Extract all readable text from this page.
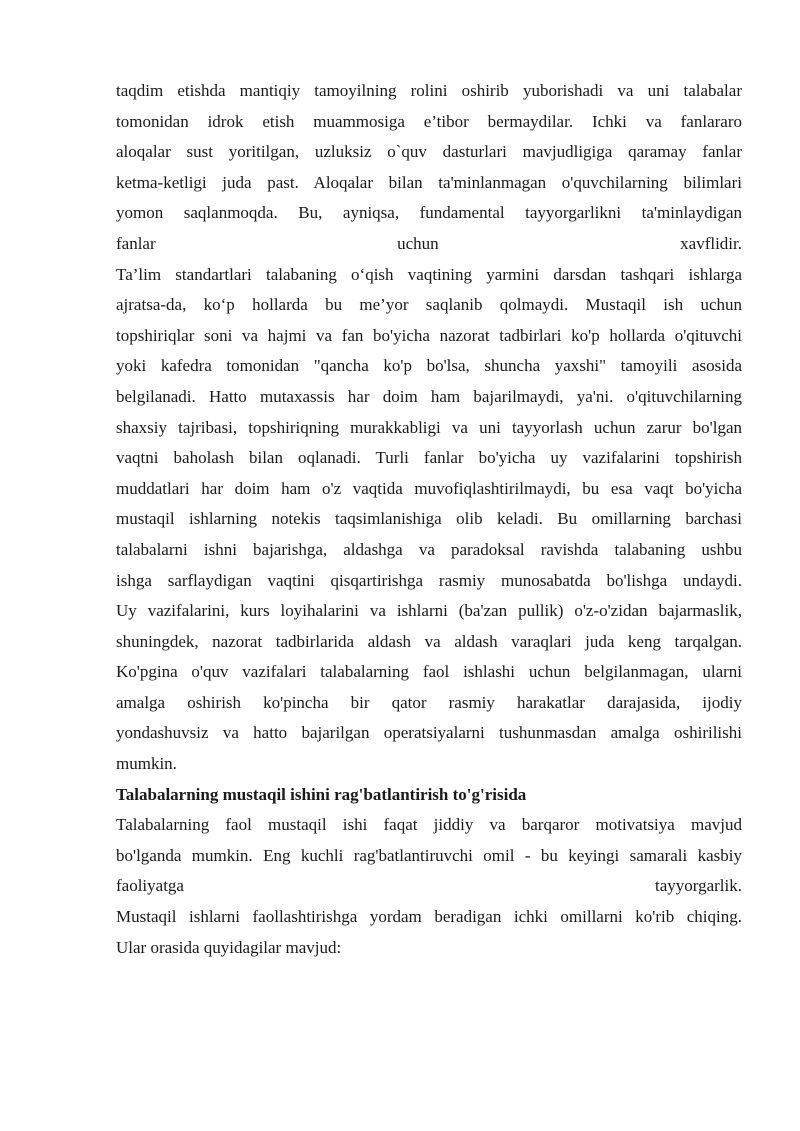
taqdim etishda mantiqiy tamoyilning rolini oshirib yuborishadi va uni talabalar
tomonidan idrok etish muammosiga e’tibor bermaydilar. Ichki va fanlararo
aloqalar sust yoritilgan, uzluksiz o`quv dasturlari mavjudligiga qaramay fanlar
ketma-ketligi juda past. Aloqalar bilan ta'minlanmagan o'quvchilarning bilimlari
yomon saqlanmoqda. Bu, ayniqsa, fundamental tayyorgarlikni ta'minlaydigan
fanlar uchun xavflidir.
Ta’lim standartlari talabaning o‘qish vaqtining yarmini darsdan tashqari ishlarga
ajratsa-da, ko‘p hollarda bu me’yor saqlanib qolmaydi. Mustaqil ish uchun
topshiriqlar soni va hajmi va fan bo'yicha nazorat tadbirlari ko'p hollarda o'qituvchi
yoki kafedra tomonidan "qancha ko'p bo'lsa, shuncha yaxshi" tamoyili asosida
belgilanadi. Hatto mutaxassis har doim ham bajarilmaydi, ya'ni. o'qituvchilarning
shaxsiy tajribasi, topshiriqning murakkabligi va uni tayyorlash uchun zarur bo'lgan
vaqtni baholash bilan oqlanadi. Turli fanlar bo'yicha uy vazifalarini topshirish
muddatlari har doim ham o'z vaqtida muvofiqlashtirilmaydi, bu esa vaqt bo'yicha
mustaqil ishlarning notekis taqsimlanishiga olib keladi. Bu omillarning barchasi
talabalarni ishni bajarishga, aldashga va paradoksal ravishda talabaning ushbu
ishga sarflaydigan vaqtini qisqartirishga rasmiy munosabatda bo'lishga undaydi.
Uy vazifalarini, kurs loyihalarini va ishlarni (ba'zan pullik) o'z-o'zidan bajarmaslik,
shuningdek, nazorat tadbirlarida aldash va aldash varaqlari juda keng tarqalgan.
Ko'pgina o'quv vazifalari talabalarning faol ishlashi uchun belgilanmagan, ularni
amalga oshirish ko'pincha bir qator rasmiy harakatlar darajasida, ijodiy
yondashuvsiz va hatto bajarilgan operatsiyalarni tushunmasdan amalga oshirilishi
mumkin.
Talabalarning mustaqil ishini rag'batlantirish to'g'risida
Talabalarning faol mustaqil ishi faqat jiddiy va barqaror motivatsiya mavjud
bo'lganda mumkin. Eng kuchli rag'batlantiruvchi omil - bu keyingi samarali kasbiy
faoliyatga tayyorgarlik.
Mustaqil ishlarni faollashtirishga yordam beradigan ichki omillarni ko'rib chiqing.
Ular orasida quyidagilar mavjud:
